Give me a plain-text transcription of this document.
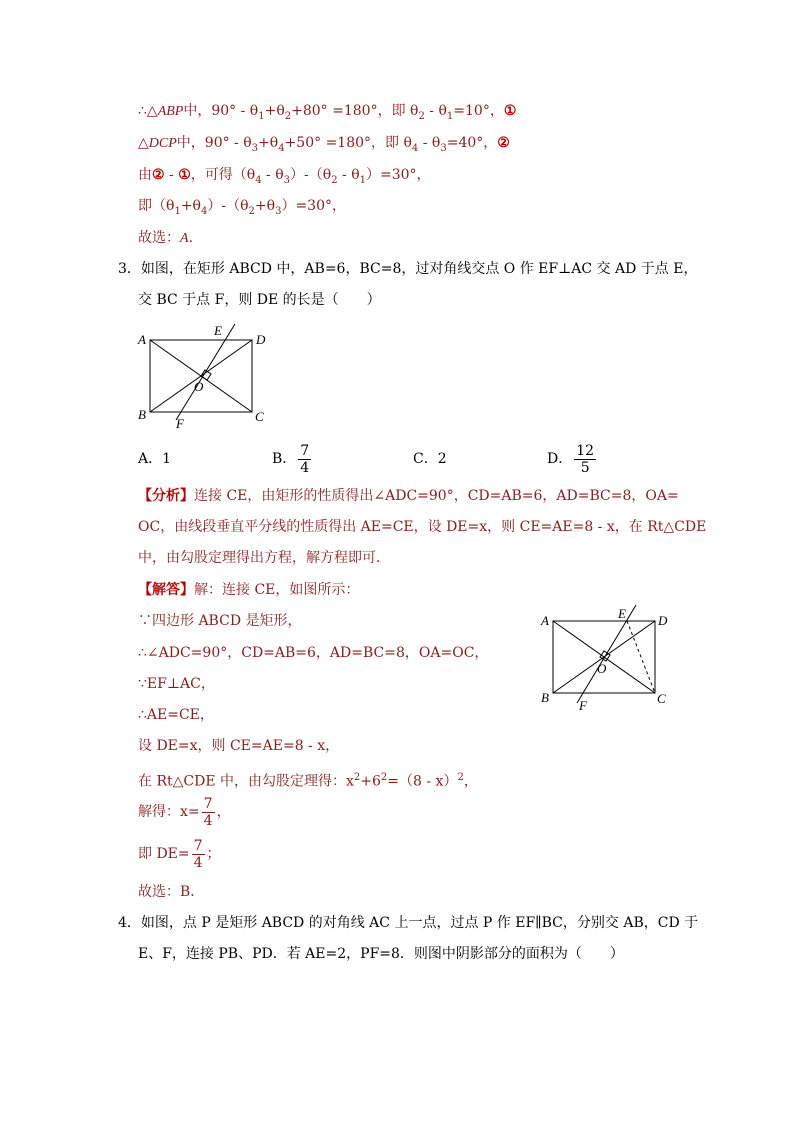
∴△ABP中，$90^\circ - \theta_1+\theta_2+80^\circ =180^\circ$，即 $\theta_2 - \theta_1=10^\circ$，①
△DCP中，$90^\circ - \theta_3+\theta_4+50^\circ =180^\circ$，即 $\theta_4 - \theta_3=40^\circ$，②
由② - ①，可得$(\theta_4 - \theta_3)-(\theta_2 - \theta_1)=30^\circ$，
即$(\theta_1+\theta_4)-(\theta_2+\theta_3)=30^\circ$，
故选：A.
3．如图，在矩形 ABCD 中，AB=6，BC=8，过对角线交点 O 作 EF⊥AC 交 AD 于点 E，
交 BC 于点 F，则 DE 的长是（　　）
A	D
B	C
E
F
O
A．1	B． $\frac{7}{4}$	C．2	D． $\frac{12}{5}$
【分析】连接 CE，由矩形的性质得出∠ADC=90°，CD=AB=6，AD=BC=8，OA=
OC，由线段垂直平分线的性质得出 AE=CE，设 DE=x，则 CE=AE=8 - x，在 Rt△CDE
中，由勾股定理得出方程，解方程即可．
【解答】解：连接 CE，如图所示：
∵四边形 ABCD 是矩形，
∴∠ADC=90°，CD=AB=6，AD=BC=8，OA=OC，
∵EF⊥AC，
∴AE=CE，
设 DE=x，则 CE=AE=8 - x，
在 Rt△CDE 中，由勾股定理得：$x^2+6^2=(8 - x)^2$，
解得：$x= \frac{7}{4}$ ，
即 $DE= \frac{7}{4}$ ；
故选：B．
A	D
B	C
E
F
O
4．如图，点 P 是矩形 ABCD 的对角线 AC 上一点，过点 P 作 EF∥BC，分别交 AB，CD 于
E、F，连接 PB、PD．若 AE=2，PF=8．则图中阴影部分的面积为（　　）
